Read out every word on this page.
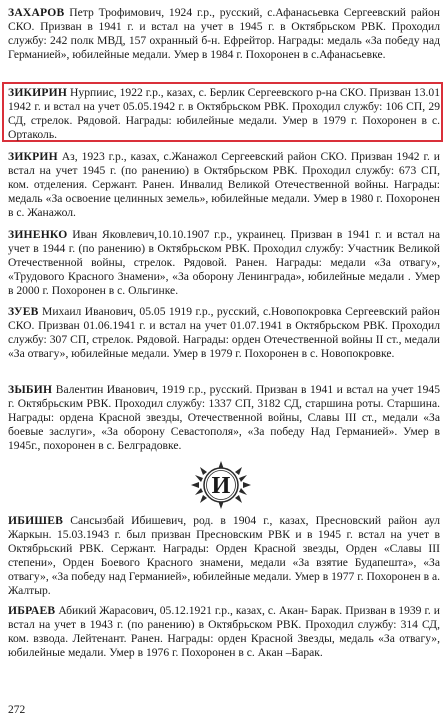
ЗАХАРОВ Петр Трофимович, 1924 г.р., русский, с.Афанасьевка Сергеевский район СКО. Призван в 1941 г. и встал на учет в 1945 г. в Октябрьском РВК. Проходил службу: 242 полк МВД, 157 охранный б-н. Ефрейтор. Награды: медаль «За победу над Германией», юбилейные медали. Умер в 1984 г. Похоронен в с.Афанасьевке.

ЗИКИРИН Нурпиис, 1922 г.р., казах, с. Берлик Сергеевского р-на СКО. Призван 13.01 1942 г. и встал на учет 05.05.1942 г. в Октябрьском РВК. Проходил службу: 106 СП, 29 СД, стрелок. Рядовой. Награды: юбилейные медали. Умер в 1979 г. Похоронен в с. Ортаколь.

ЗИКРИН Аз, 1923 г.р., казах, с.Жанажол Сергеевский район СКО. Призван 1942 г. и встал на учет 1945 г. (по ранению) в Октябрьском РВК. Проходил службу: 673 СП, ком. отделения. Сержант. Ранен. Инвалид Великой Отечественной войны. Награды: медаль «За освоение целинных земель», юбилейные медали. Умер в 1980 г. Похоронен в с. Жанажол.

ЗИНЕНКО Иван Яковлевич,10.10.1907 г.р., украинец. Призван в 1941 г. и встал на учет в 1944 г. (по ранению) в Октябрьском РВК. Проходил службу: Участник Великой Отечественной войны, стрелок. Рядовой. Ранен. Награды: медали «За отвагу», «Трудового Красного Знамени», «За оборону Ленинграда», юбилейные медали . Умер в 2000 г. Похоронен в с. Ольгинке.

ЗУЕВ Михаил Иванович, 05.05 1919 г.р., русский, с.Новопокровка Сергеевский район СКО. Призван 01.06.1941 г. и встал на учет 01.07.1941 в Октябрьском РВК. Проходил службу: 307 СП, стрелок. Рядовой. Награды: орден Отечественной войны II ст., медали «За отвагу», юбилейные медали. Умер в 1979 г. Похоронен в с. Новопокровке.

ЗЫБИН Валентин Иванович, 1919 г.р., русский. Призван в 1941 и встал на учет 1945 г. Октябрьским РВК. Проходил службу: 1337 СП, 3182 СД, старшина роты. Старшина. Награды: ордена Красной звезды, Отечественной войны, Славы III ст., медали «За боевые заслуги», «За оборону Севастополя», «За победу Над Германией». Умер в 1945г., похоронен в с. Белградовке.

И

ИБИШЕВ Сансызбай Ибишевич, род. в 1904 г., казах, Пресновский район аул Жаркын. 15.03.1943 г. был призван Пресновским РВК и в 1945 г. встал на учет в Октябрьский РВК. Сержант. Награды: Орден Красной звезды, Орден «Славы III степени», Орден Боевого Красного знамени, медали «За взятие Будапешта», «За отвагу», «За победу над Германией», юбилейные медали. Умер в 1977 г. Похоронен в а. Жалтыр.

ИБРАЕВ Абикий Жарасович, 05.12.1921 г.р., казах, с. Акан- Барак. Призван в 1939 г. и встал на учет в 1943 г. (по ранению) в Октябрьском РВК. Проходил службу: 314 СД, ком. взвода. Лейтенант. Ранен. Награды: орден Красной Звезды, медаль «За отвагу», юбилейные медали. Умер в 1976 г. Похоронен в с. Акан –Барак.

272
